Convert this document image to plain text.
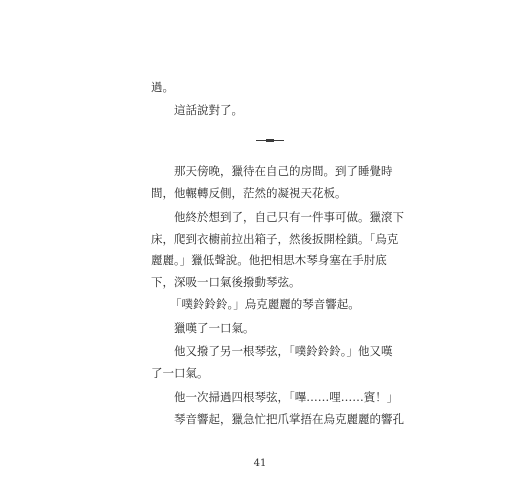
過。
這話說對了。
那天傍晚，獵待在自己的房間。到了睡覺時
間，他輾轉反側，茫然的凝視天花板。
他終於想到了，自己只有一件事可做。獵滾下
床，爬到衣櫥前拉出箱子，然後扳開栓鎖。「烏克
麗麗。」獵低聲說。他把相思木琴身塞在手肘底
下，深吸一口氣後撥動琴弦。
「噗鈴鈴鈴。」烏克麗麗的琴音響起。
獵嘆了一口氣。
他又撥了另一根琴弦，「噗鈴鈴鈴。」他又嘆
了一口氣。
他一次掃過四根琴弦，「嗶……哩……賓！」
琴音響起，獵急忙把爪掌捂在烏克麗麗的響孔
41
